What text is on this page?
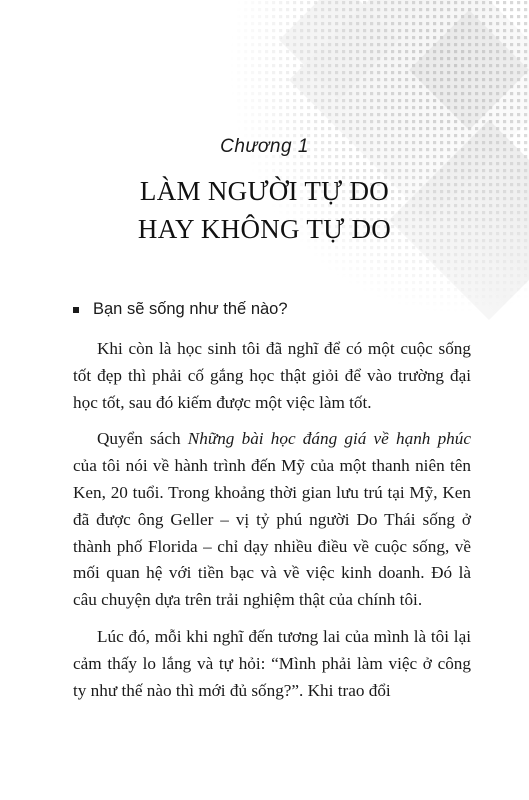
Chương 1
LÀM NGƯỜI TỰ DO
HAY KHÔNG TỰ DO
Bạn sẽ sống như thế nào?

Khi còn là học sinh tôi đã nghĩ để có một cuộc sống tốt đẹp thì phải cố gắng học thật giỏi để vào trường đại học tốt, sau đó kiếm được một việc làm tốt.

Quyển sách Những bài học đáng giá về hạnh phúc của tôi nói về hành trình đến Mỹ của một thanh niên tên Ken, 20 tuổi. Trong khoảng thời gian lưu trú tại Mỹ, Ken đã được ông Geller – vị tỷ phú người Do Thái sống ở thành phố Florida – chỉ dạy nhiều điều về cuộc sống, về mối quan hệ với tiền bạc và về việc kinh doanh. Đó là câu chuyện dựa trên trải nghiệm thật của chính tôi.

Lúc đó, mỗi khi nghĩ đến tương lai của mình là tôi lại cảm thấy lo lắng và tự hỏi: “Mình phải làm việc ở công ty như thế nào thì mới đủ sống?”. Khi trao đổi
